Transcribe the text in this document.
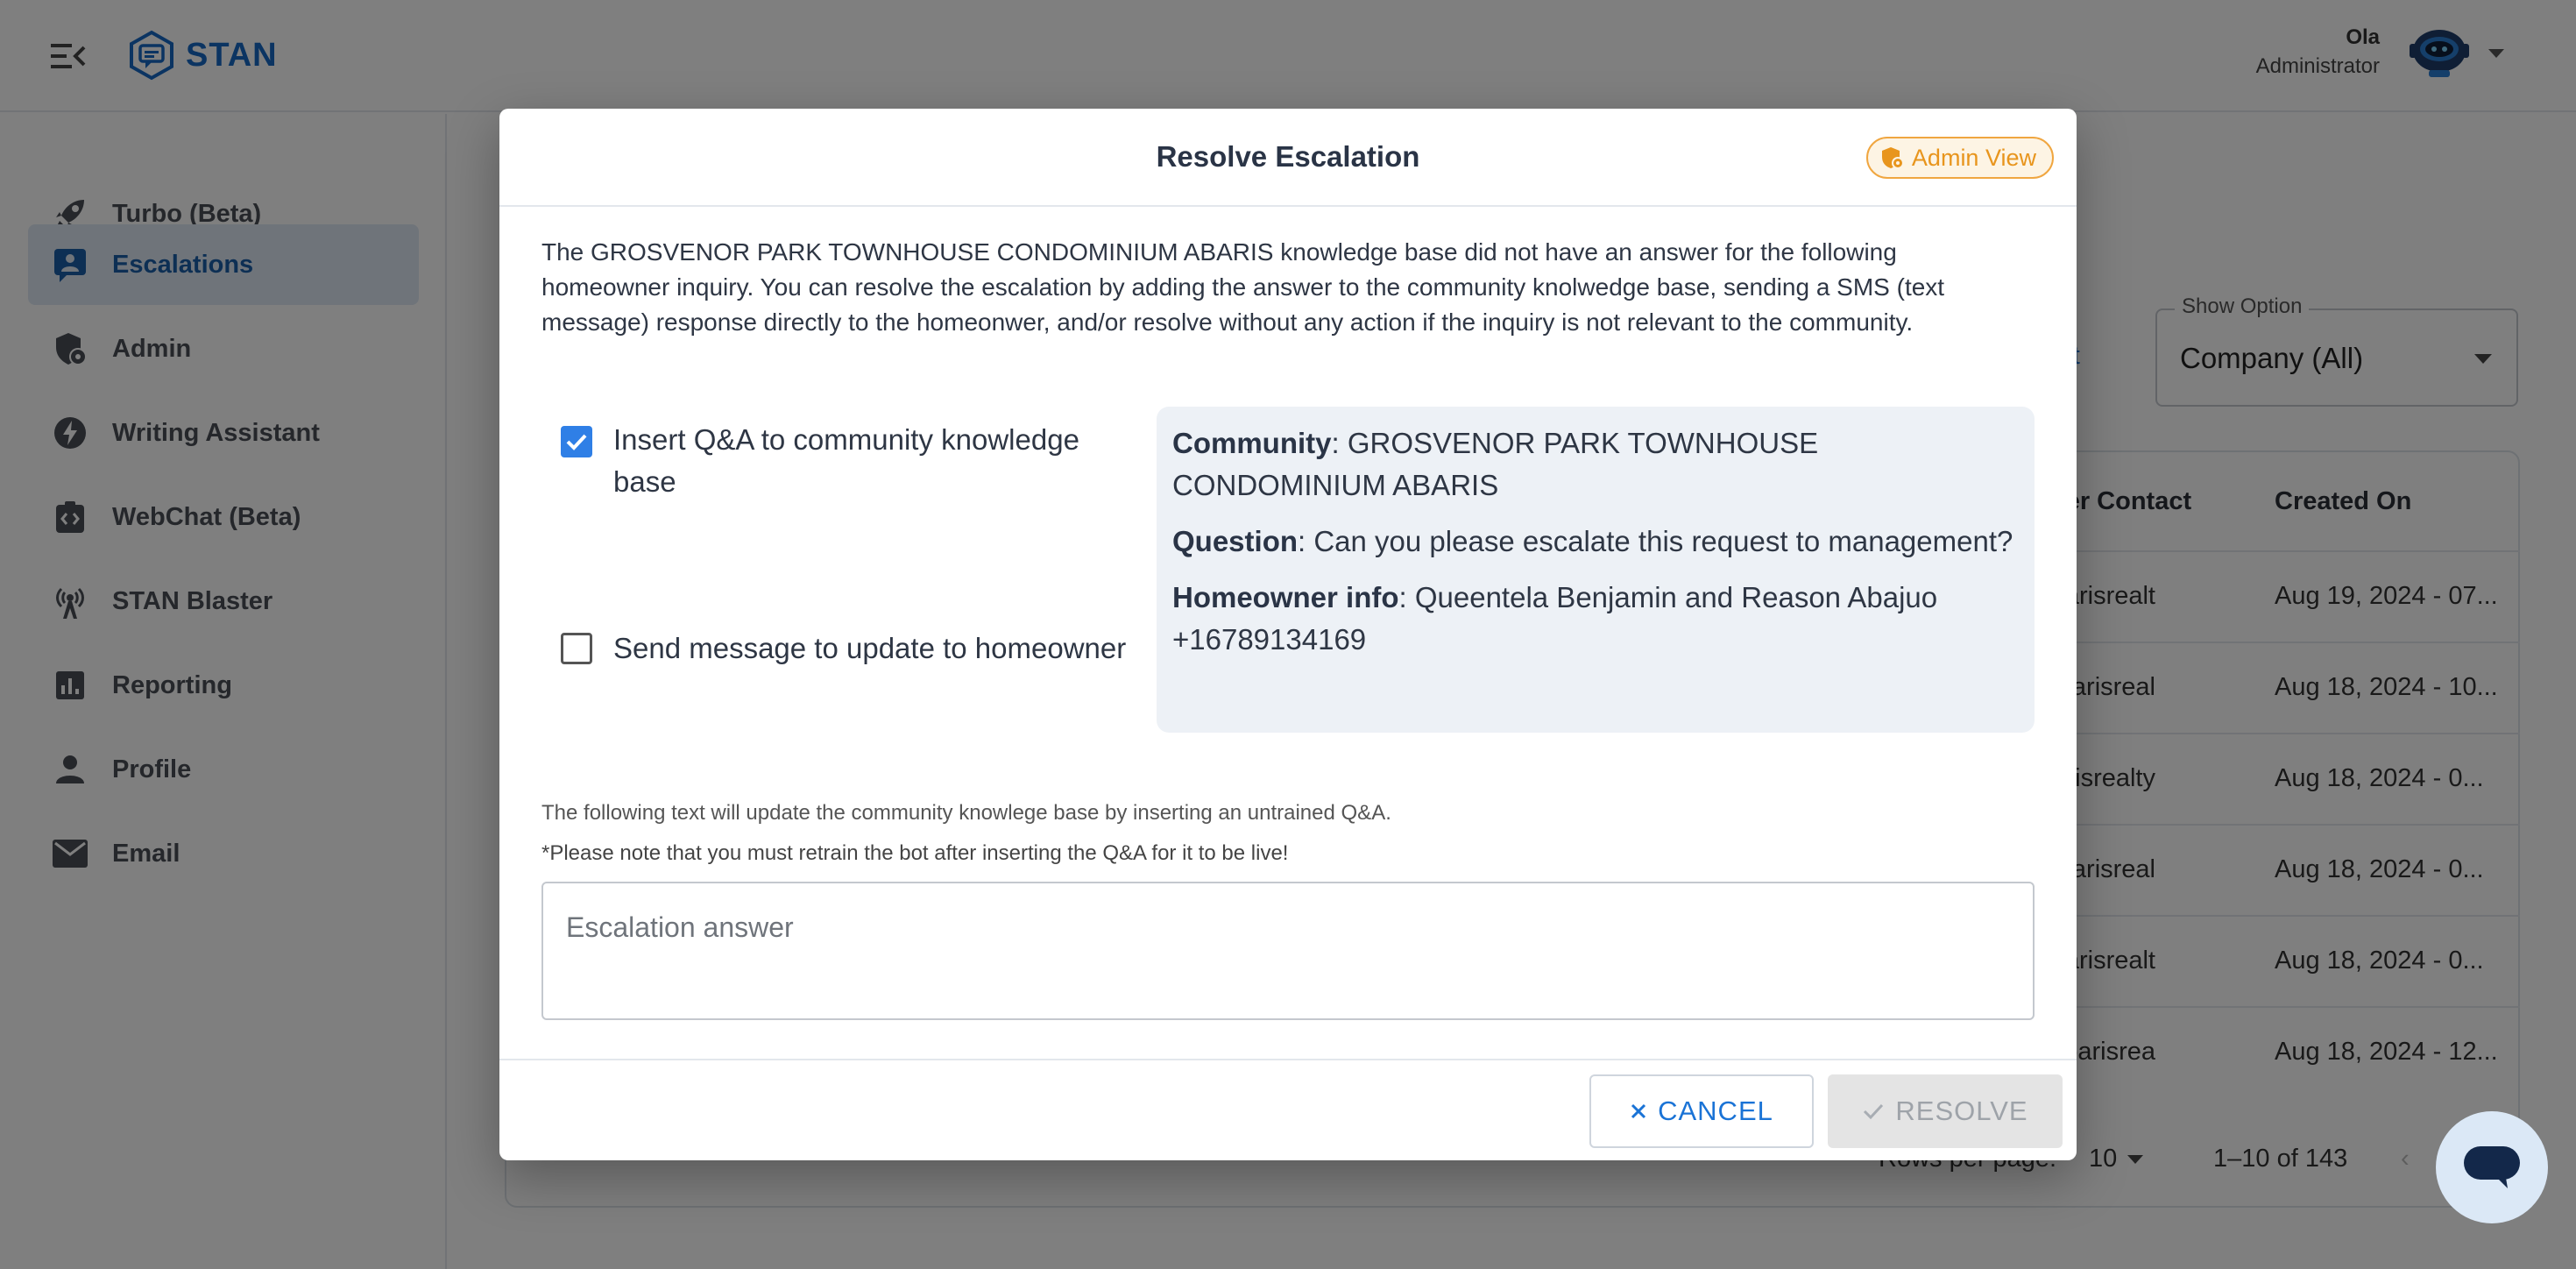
Resolve Escalation	Admin View

The GROSVENOR PARK TOWNHOUSE CONDOMINIUM ABARIS knowledge base did not have an answer for the following homeowner inquiry. You can resolve the escalation by adding the answer to the community knolwedge base, sending a SMS (text message) response directly to the homeonwer, and/or resolve without any action if the inquiry is not relevant to the community.

Insert Q&A to community knowledge base
Send message to update to homeowner
Community: GROSVENOR PARK TOWNHOUSE CONDOMINIUM ABARIS
Question: Can you please escalate this request to management?
Homeowner info: Queentela Benjamin and Reason Abajuo +16789134169
The following text will update the community knowlege base by inserting an untrained Q&A.
*Please note that you must retrain the bot after inserting the Q&A for it to be live!
Escalation answer
CANCEL	RESOLVE
